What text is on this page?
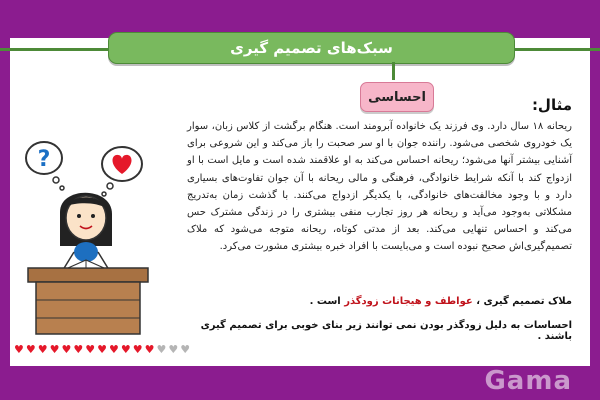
سبک‌های تصمیم گیری
احساسی	مثال:
ریحانه ۱۸ سال دارد. وی فرزند یک خانواده آبرومند است. هنگام برگشت از کلاس زبان، سوار یک خودروی شخصی می‌شود. راننده جوان با او سر صحبت را باز می‌کند و این شروعی برای آشنایی بیشتر آنها می‌شود؛ ریحانه احساس می‌کند به او علاقمند شده است و مایل است با او ازدواج کند با آنکه شرایط خانوادگی، فرهنگی و مالی ریحانه با آن جوان تفاوت‌های بسیاری دارد و با وجود مخالفت‌های خانوادگی، با یکدیگر ازدواج می‌کنند. با گذشت زمان به‌تدریج مشکلاتی به‌وجود می‌آید و ریحانه هر روز تجارب منفی بیشتری را در زندگی مشترک حس می‌کند و احساس تنهایی می‌کند. بعد از مدتی کوتاه، ریحانه متوجه می‌شود که ملاک تصمیم‌گیری‌اش صحیح نبوده است و می‌بایست با افراد خبره بیشتری مشورت می‌کرد.
ملاک تصمیم گیری ، عواطف و هیجانات زودگذر است .
احساسات به دلیل زودگذر بودن نمی توانند زیر بنای خوبی برای تصمیم گیری باشند .
?
♥ ♥ ♥ ♥ ♥ ♥ ♥ ♥ ♥ ♥ ♥ ♥ ♥ ♥ ♥
Gama
